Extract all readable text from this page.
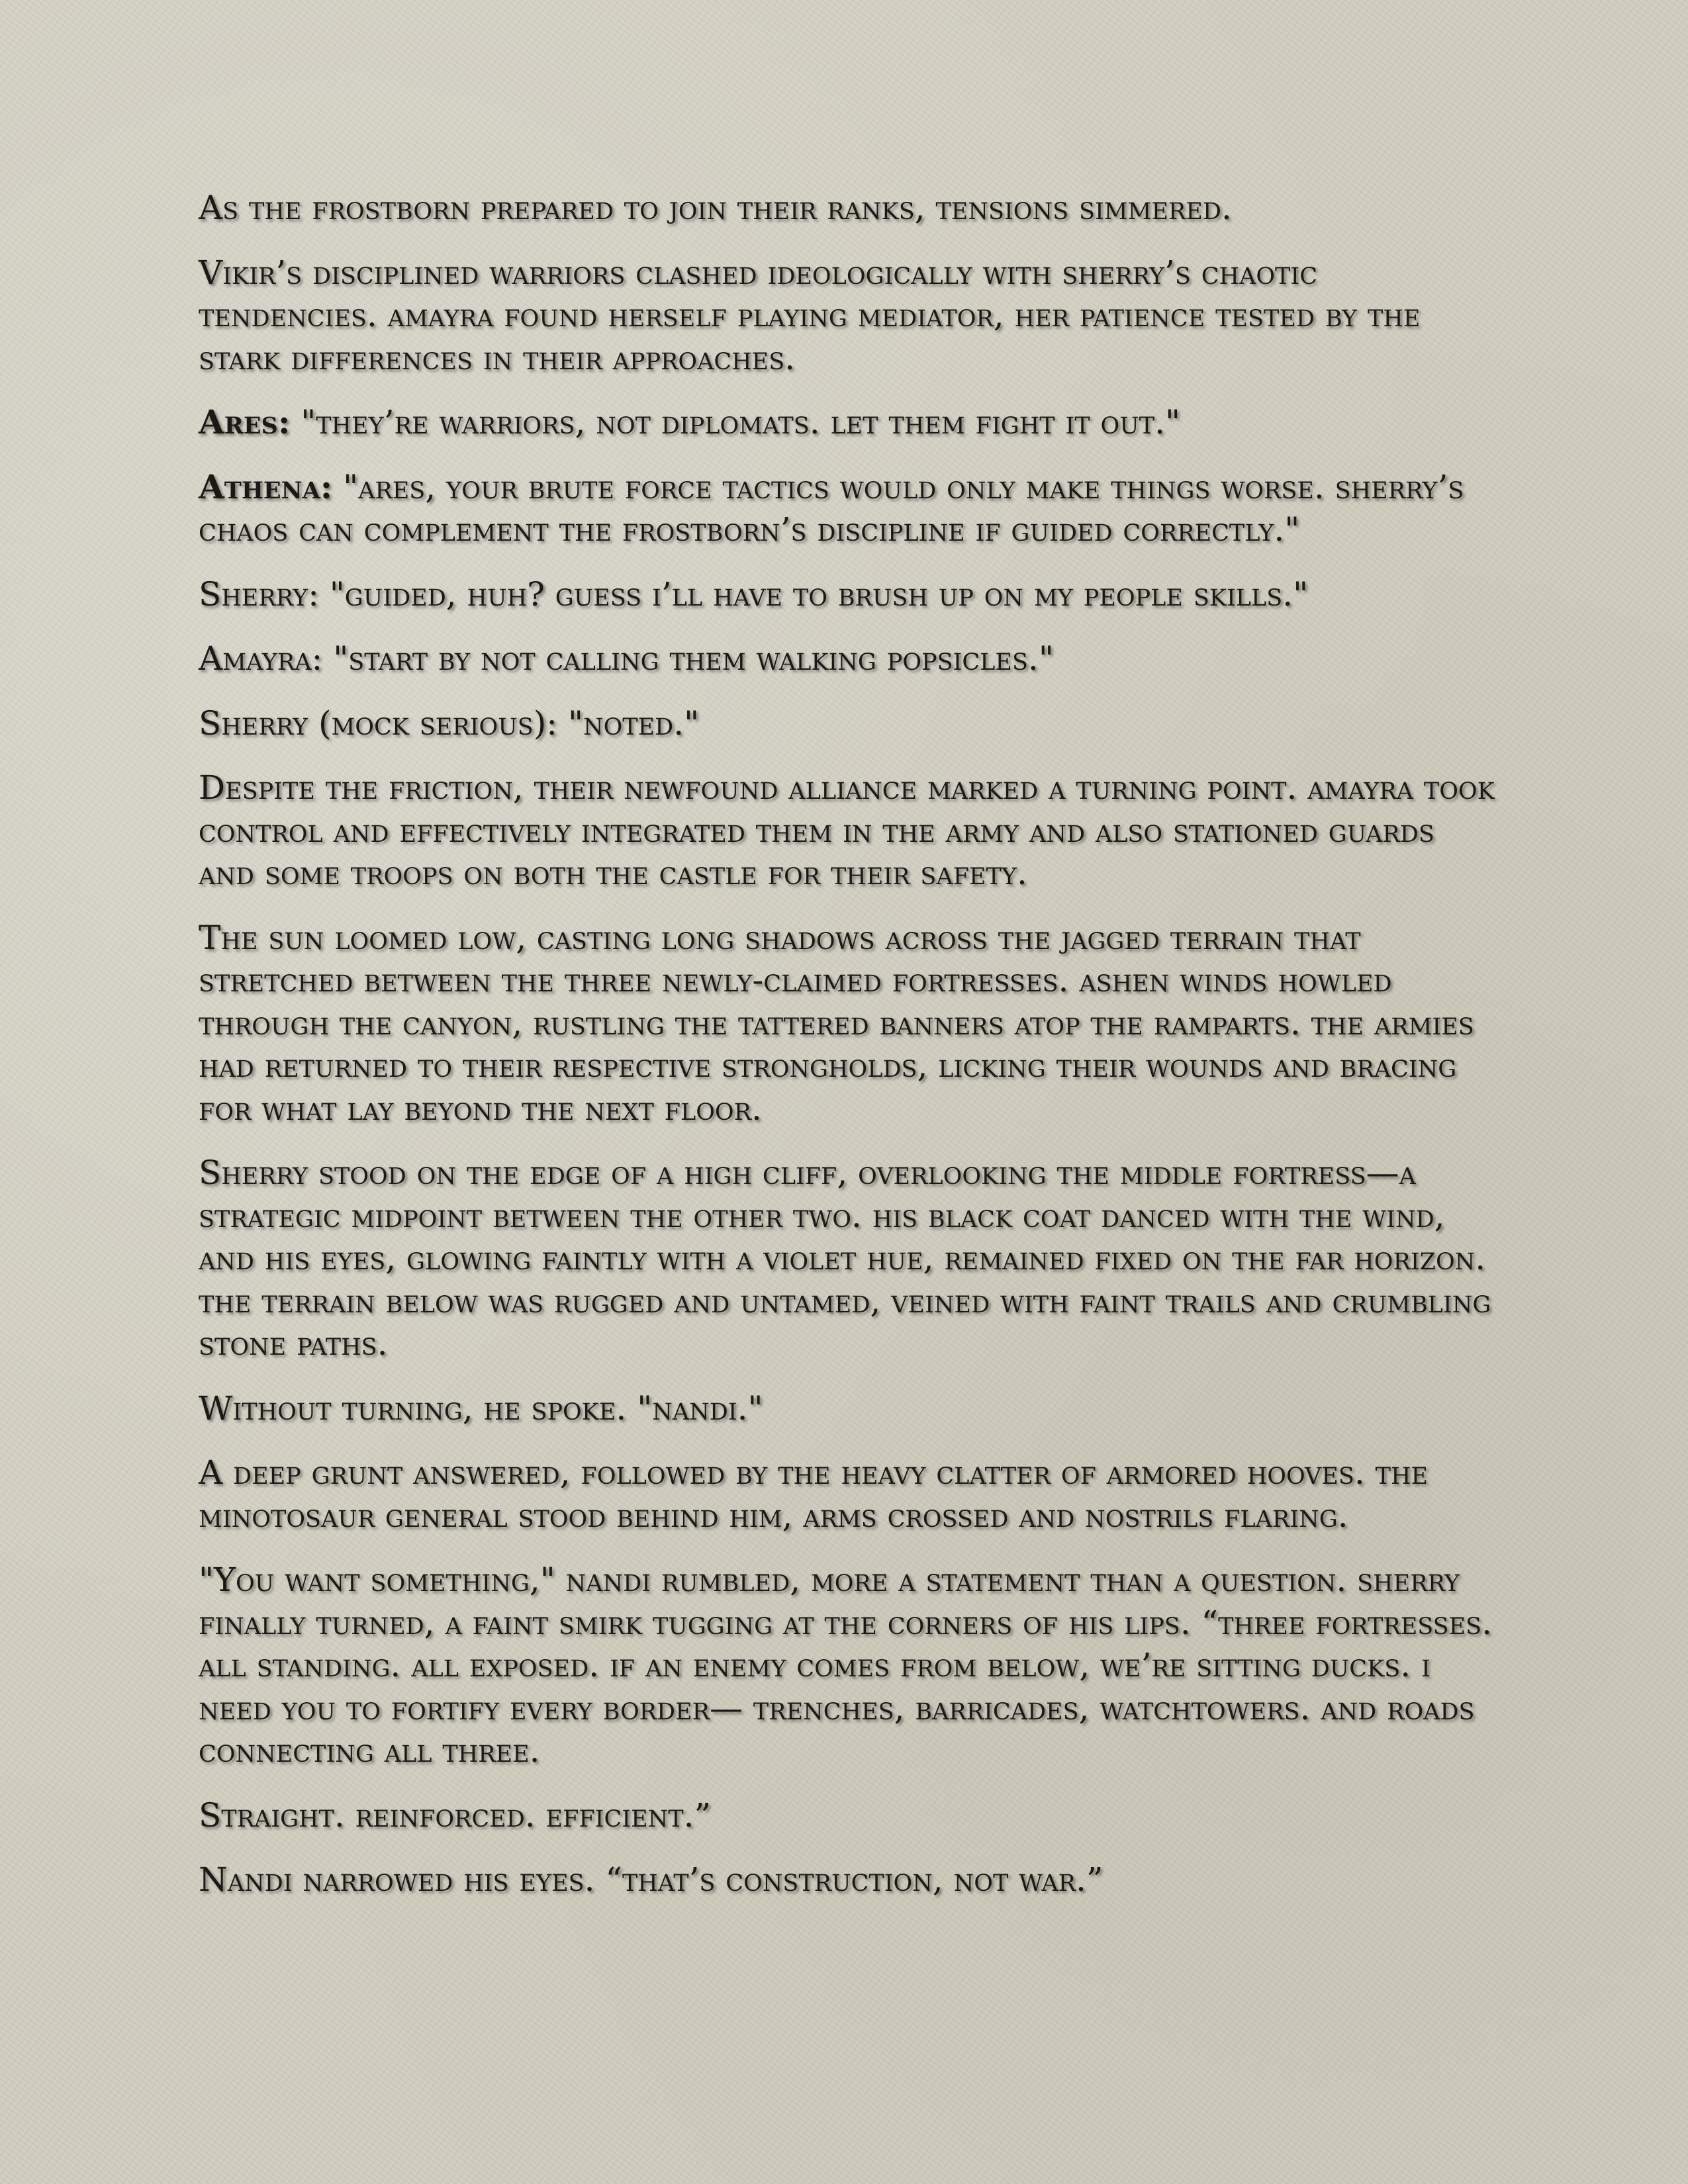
As the frostborn prepared to join their ranks, tensions simmered.

Vikir’s disciplined warriors clashed ideologically with sherry’s chaotic tendencies. amayra found herself playing mediator, her patience tested by the stark differences in their approaches.

Ares: "they’re warriors, not diplomats. let them fight it out."

Athena: "ares, your brute force tactics would only make things worse. sherry’s chaos can complement the frostborn’s discipline if guided correctly."

Sherry: "guided, huh? guess i’ll have to brush up on my people skills."

Amayra: "start by not calling them walking popsicles."

Sherry (mock serious): "noted."

Despite the friction, their newfound alliance marked a turning point. amayra took control and effectively integrated them in the army and also stationed guards and some troops on both the castle for their safety.

The sun loomed low, casting long shadows across the jagged terrain that stretched between the three newly-claimed fortresses. ashen winds howled through the canyon, rustling the tattered banners atop the ramparts. the armies had returned to their respective strongholds, licking their wounds and bracing for what lay beyond the next floor.

Sherry stood on the edge of a high cliff, overlooking the middle fortress—a strategic midpoint between the other two. his black coat danced with the wind, and his eyes, glowing faintly with a violet hue, remained fixed on the far horizon. the terrain below was rugged and untamed, veined with faint trails and crumbling stone paths.

Without turning, he spoke. "nandi."

A deep grunt answered, followed by the heavy clatter of armored hooves. the minotosaur general stood behind him, arms crossed and nostrils flaring.

"You want something," nandi rumbled, more a statement than a question. sherry finally turned, a faint smirk tugging at the corners of his lips. “three fortresses. all standing. all exposed. if an enemy comes from below, we’re sitting ducks. i need you to fortify every border— trenches, barricades, watchtowers. and roads connecting all three.

Straight. reinforced. efficient.”

Nandi narrowed his eyes. “that’s construction, not war.”
